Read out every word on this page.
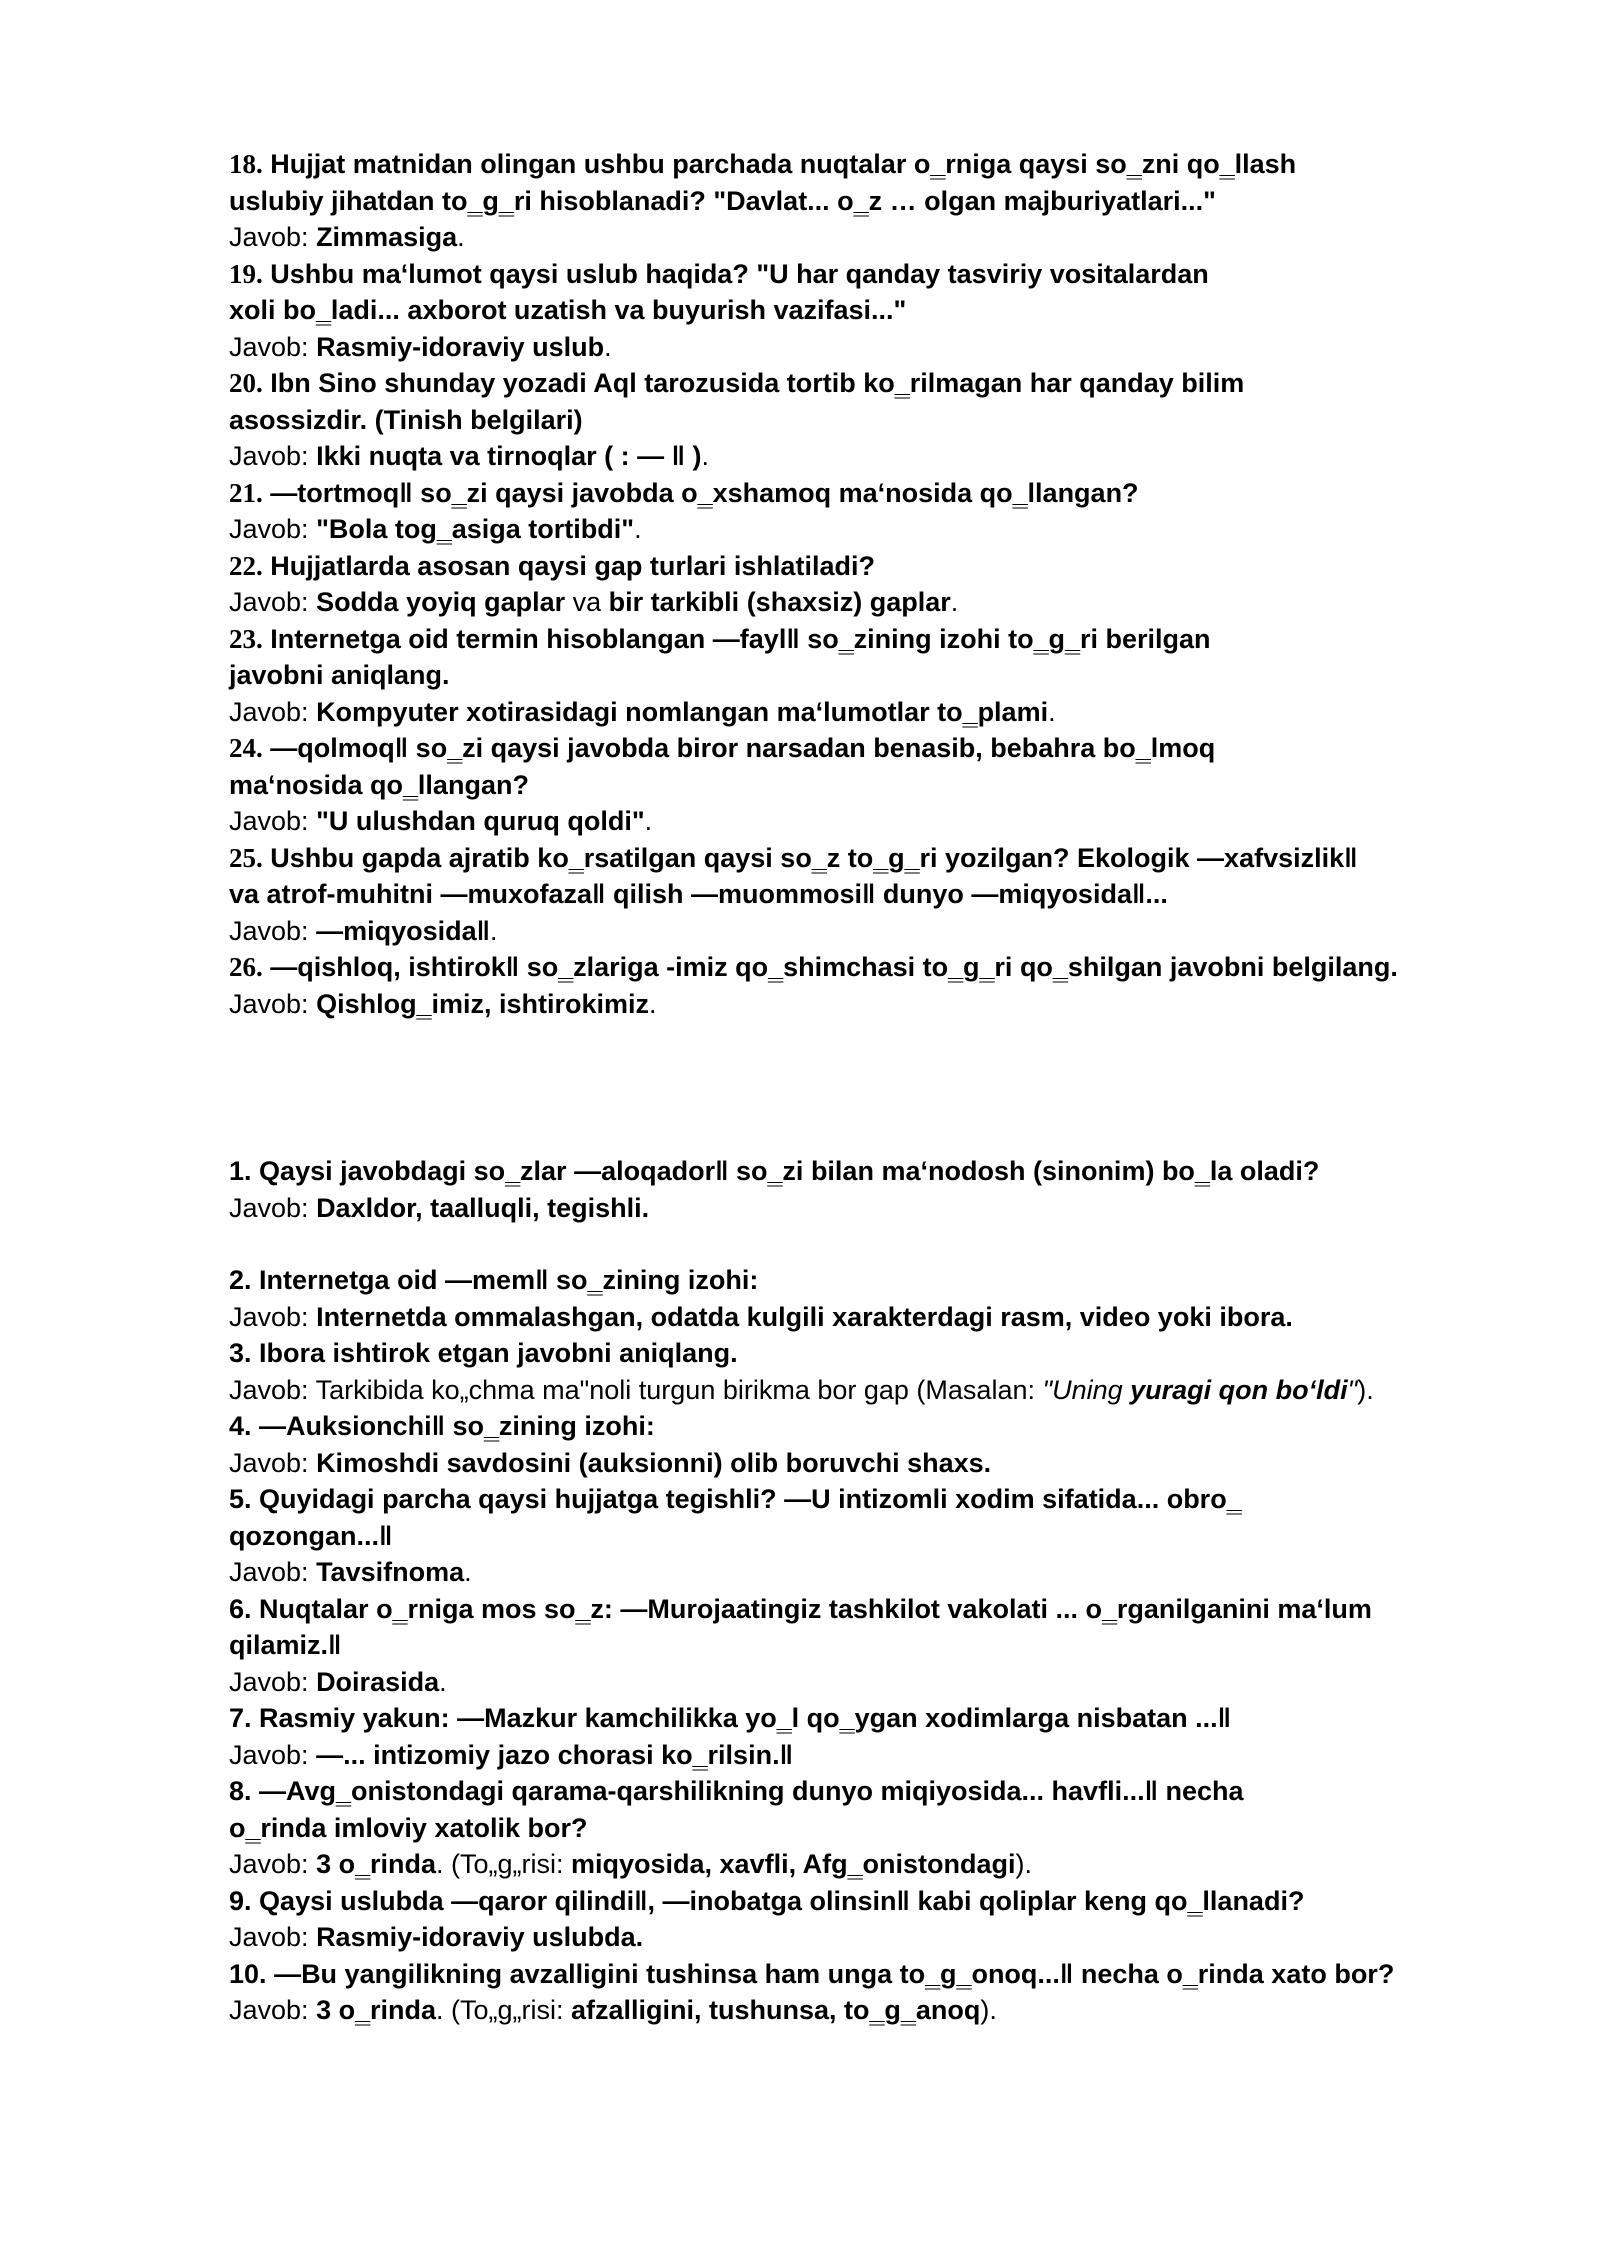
18. Hujjat matnidan olingan ushbu parchada nuqtalar o‗rniga qaysi so‗zni qo‗llash
uslubiy jihatdan to‗g‗ri hisoblanadi? "Davlat... o‗z … olgan majburiyatlari..."
Javob: Zimmasiga.
19. Ushbu ma‘lumot qaysi uslub haqida? "U har qanday tasviriy vositalardan
xoli bo‗ladi... axborot uzatish va buyurish vazifasi..."
Javob: Rasmiy-idoraviy uslub.
20. Ibn Sino shunday yozadi Aql tarozusida tortib ko‗rilmagan har qanday bilim
asossizdir. (Tinish belgilari)
Javob: Ikki nuqta va tirnoqlar ( : — ‖ ).
21. —tortmoq‖ so‗zi qaysi javobda o‗xshamoq ma‘nosida qo‗llangan?
Javob: "Bola tog‗asiga tortibdi".
22. Hujjatlarda asosan qaysi gap turlari ishlatiladi?
Javob: Sodda yoyiq gaplar va bir tarkibli (shaxsiz) gaplar.
23. Internetga oid termin hisoblangan —fayl‖ so‗zining izohi to‗g‗ri berilgan
javobni aniqlang.
Javob: Kompyuter xotirasidagi nomlangan ma‘lumotlar to‗plami.
24. —qolmoq‖ so‗zi qaysi javobda biror narsadan benasib, bebahra bo‗lmoq
ma‘nosida qo‗llangan?
Javob: "U ulushdan quruq qoldi".
25. Ushbu gapda ajratib ko‗rsatilgan qaysi so‗z to‗g‗ri yozilgan? Ekologik —xafvsizlik‖
va atrof-muhitni —muxofaza‖ qilish —muommosi‖ dunyo —miqyosida‖...
Javob: —miqyosida‖.
26. —qishloq, ishtirok‖ so‗zlariga -imiz qo‗shimchasi to‗g‗ri qo‗shilgan javobni belgilang.
Javob: Qishlog‗imiz, ishtirokimiz.
1. Qaysi javobdagi so‗zlar —aloqador‖ so‗zi bilan ma‘nodosh (sinonim) bo‗la oladi?
Javob: Daxldor, taalluqli, tegishli.
2. Internetga oid —mem‖ so‗zining izohi:
Javob: Internetda ommalashgan, odatda kulgili xarakterdagi rasm, video yoki ibora.
3. Ibora ishtirok etgan javobni aniqlang.
Javob: Tarkibida ko„chma ma"noli turgun birikma bor gap (Masalan: "Uning yuragi qon bo‘ldi").
4. —Auksionchi‖ so‗zining izohi:
Javob: Kimoshdi savdosini (auksionni) olib boruvchi shaxs.
5. Quyidagi parcha qaysi hujjatga tegishli? —U intizomli xodim sifatida... obro‗
qozongan...‖
Javob: Tavsifnoma.
6. Nuqtalar o‗rniga mos so‗z: —Murojaatingiz tashkilot vakolati ... o‗rganilganini ma‘lum
qilamiz.‖
Javob: Doirasida.
7. Rasmiy yakun: —Mazkur kamchilikka yo‗l qo‗ygan xodimlarga nisbatan ...‖
Javob: —... intizomiy jazo chorasi ko‗rilsin.‖
8. —Avg‗onistondagi qarama-qarshilikning dunyo miqiyosida... havfli...‖ necha
o‗rinda imloviy xatolik bor?
Javob: 3 o‗rinda. (To„g„risi: miqyosida, xavfli, Afg‗onistondagi).
9. Qaysi uslubda —qaror qilindi‖, —inobatga olinsin‖ kabi qoliplar keng qo‗llanadi?
Javob: Rasmiy-idoraviy uslubda.
10. —Bu yangilikning avzalligini tushinsa ham unga to‗g‗onoq...‖ necha o‗rinda xato bor?
Javob: 3 o‗rinda. (To„g„risi: afzalligini, tushunsa, to‗g‗anoq).
